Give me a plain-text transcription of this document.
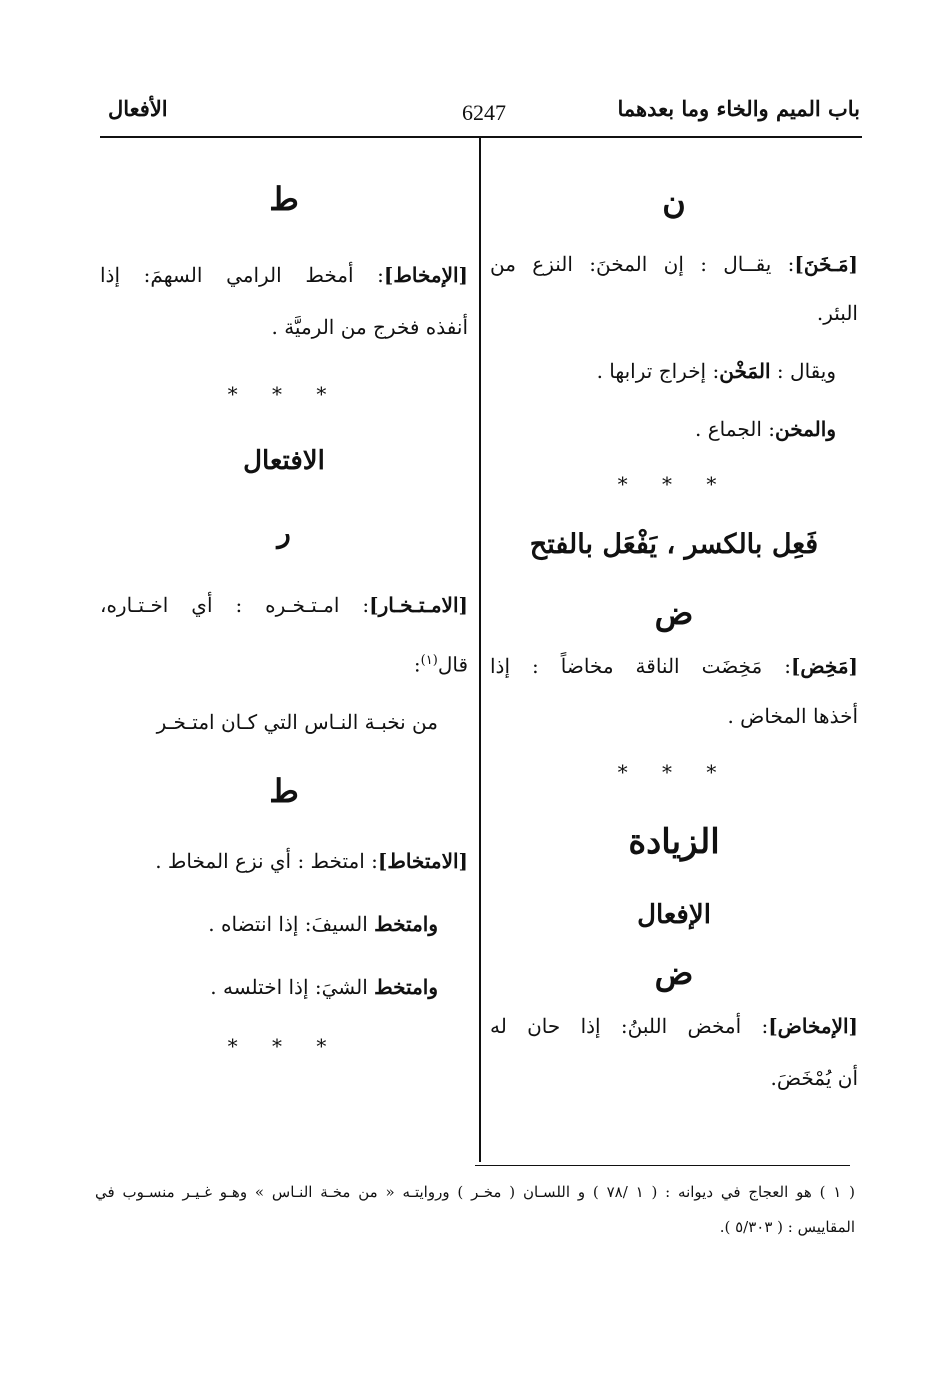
باب الميم والخاء وما بعدهما
6247
الأفعال
ن
[مَـخَنَ]: يقــال : إن المخنَ: النزع من
البئر.
ويقال : المَخْن: إخراج ترابها .
والمخن: الجماع .
* * *
فَعِل بالكسر ، يَفْعَل بالفتح
ض
[مَخِض]: مَخِضَت الناقة مخاضاً : إذا
أخذها المخاض .
* * *
الزيادة
الإفعال
ض
[الإمخاض]: أمخض اللبنُ: إذا حان له
أن يُمْخَضَ.
ط
[الإمخاط]: أمخط الرامي السهمَ: إذا
أنفذه فخرج من الرميَّة .
* * *
الافتعال
ر
[الامـتـخـار]: امـتـخـره : أي اخـتـاره،
قال$^{(١)}$:
من نخبـة النـاس التي كـان امتـخـر
ط
[الامتخاط]: امتخط : أي نزع المخاط .
وامتخط السيفَ: إذا انتضاه .
وامتخط الشيَ: إذا اختلسه .
* * *
( ١ ) هو العجاج في ديوانه : ( ١ /٧٨ ) و اللسـان ( مخـر ) وروايتـه « من مخـة النـاس » وهـو غـيـر منسـوب في
المقاييس : ( ٥/٣٠٣ ).
